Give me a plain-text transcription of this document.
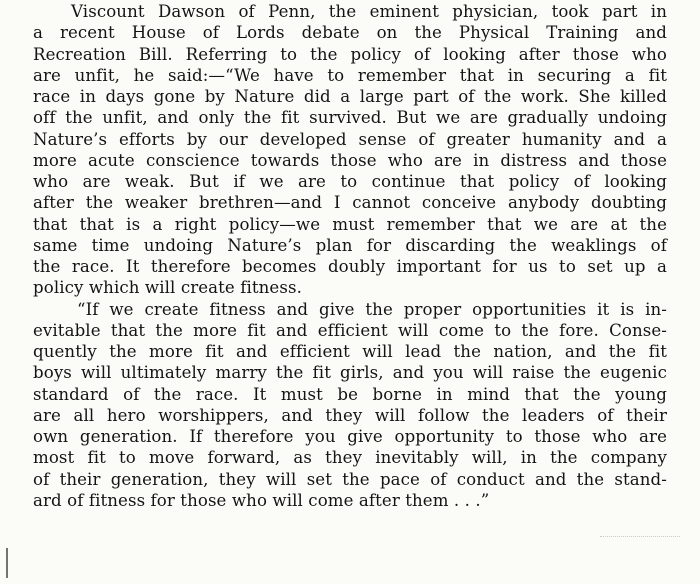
Viscount Dawson of Penn, the eminent physician, took part in
a recent House of Lords debate on the Physical Training and
Recreation Bill. Referring to the policy of looking after those who
are unfit, he said:—“We have to remember that in securing a fit
race in days gone by Nature did a large part of the work. She killed
off the unfit, and only the fit survived. But we are gradually undoing
Nature’s efforts by our developed sense of greater humanity and a
more acute conscience towards those who are in distress and those
who are weak. But if we are to continue that policy of looking
after the weaker brethren—and I cannot conceive anybody doubting
that that is a right policy—we must remember that we are at the
same time undoing Nature’s plan for discarding the weaklings of
the race. It therefore becomes doubly important for us to set up a
policy which will create fitness.
“If we create fitness and give the proper opportunities it is in-
evitable that the more fit and efficient will come to the fore. Conse-
quently the more fit and efficient will lead the nation, and the fit
boys will ultimately marry the fit girls, and you will raise the eugenic
standard of the race. It must be borne in mind that the young
are all hero worshippers, and they will follow the leaders of their
own generation. If therefore you give opportunity to those who are
most fit to move forward, as they inevitably will, in the company
of their generation, they will set the pace of conduct and the stand-
ard of fitness for those who will come after them . . .”
